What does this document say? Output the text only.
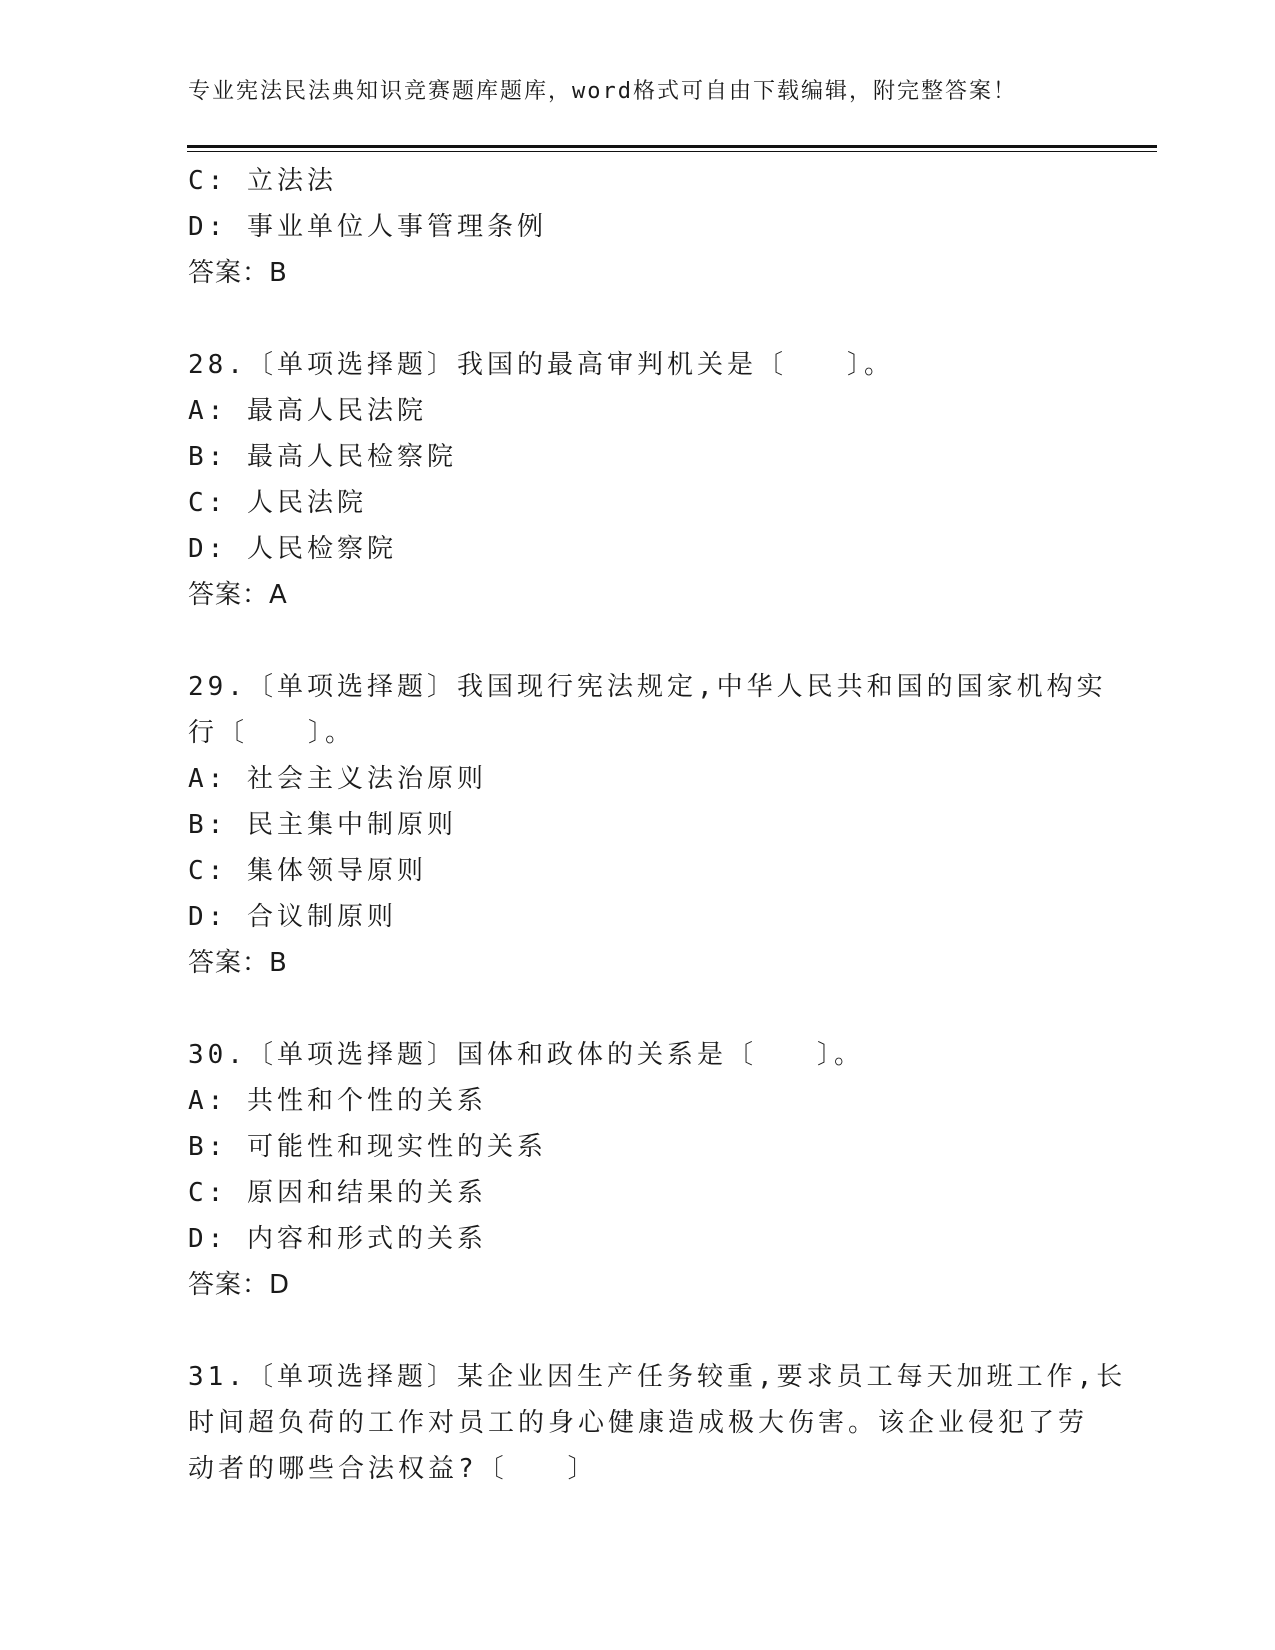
专业宪法民法典知识竞赛题库题库，word格式可自由下载编辑，附完整答案！
C: 立法法
D: 事业单位人事管理条例
答案：B
28.〔单项选择题〕我国的最高审判机关是〔　　〕。
A: 最高人民法院
B: 最高人民检察院
C: 人民法院
D: 人民检察院
答案：A
29.〔单项选择题〕我国现行宪法规定,中华人民共和国的国家机构实
行〔　　〕。
A: 社会主义法治原则
B: 民主集中制原则
C: 集体领导原则
D: 合议制原则
答案：B
30.〔单项选择题〕国体和政体的关系是〔　　〕。
A: 共性和个性的关系
B: 可能性和现实性的关系
C: 原因和结果的关系
D: 内容和形式的关系
答案：D
31.〔单项选择题〕某企业因生产任务较重,要求员工每天加班工作,长
时间超负荷的工作对员工的身心健康造成极大伤害。该企业侵犯了劳
动者的哪些合法权益?〔　　〕
